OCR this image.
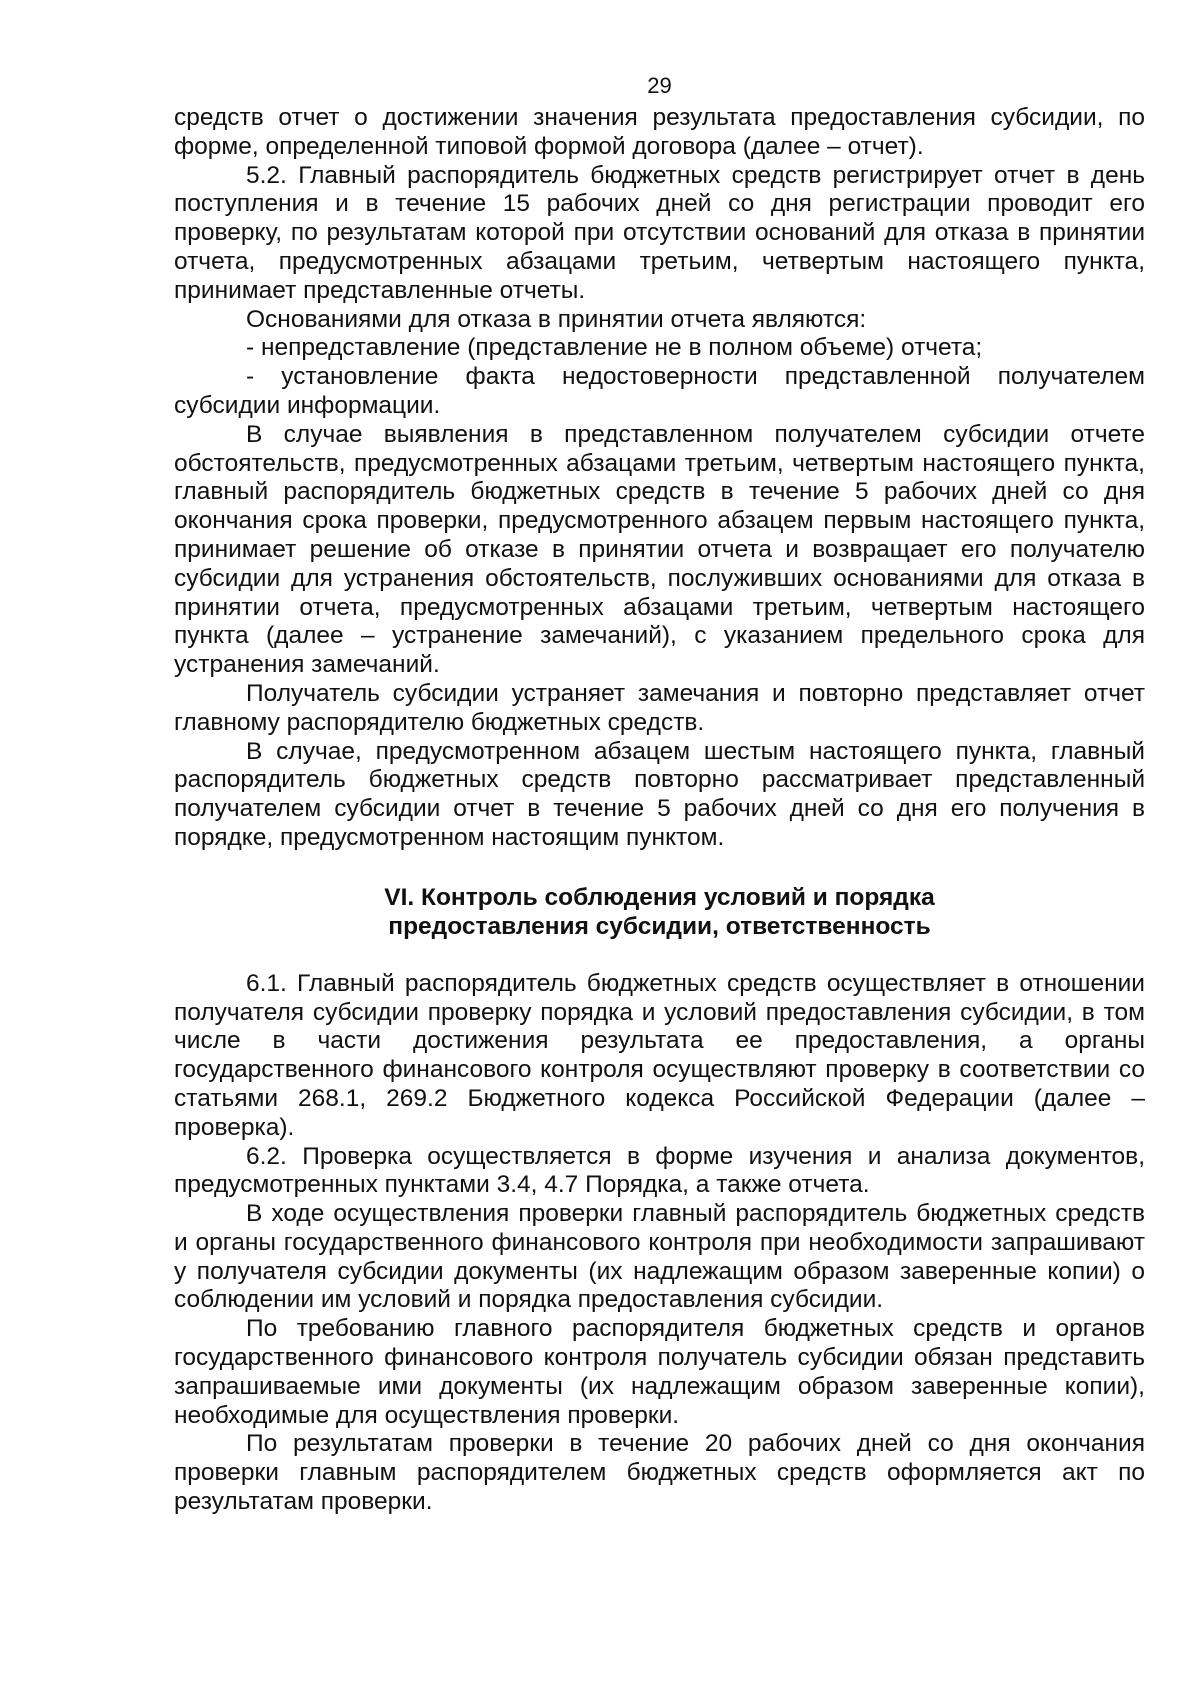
29

средств отчет о достижении значения результата предоставления субсидии, по форме, определенной типовой формой договора (далее – отчет).

5.2. Главный распорядитель бюджетных средств регистрирует отчет в день поступления и в течение 15 рабочих дней со дня регистрации проводит его проверку, по результатам которой при отсутствии оснований для отказа в принятии отчета, предусмотренных абзацами третьим, четвертым настоящего пункта, принимает представленные отчеты.

Основаниями для отказа в принятии отчета являются:

- непредставление (представление не в полном объеме) отчета;

- установление факта недостоверности представленной получателем субсидии информации.

В случае выявления в представленном получателем субсидии отчете обстоятельств, предусмотренных абзацами третьим, четвертым настоящего пункта, главный распорядитель бюджетных средств в течение 5 рабочих дней со дня окончания срока проверки, предусмотренного абзацем первым настоящего пункта, принимает решение об отказе в принятии отчета и возвращает его получателю субсидии для устранения обстоятельств, послуживших основаниями для отказа в принятии отчета, предусмотренных абзацами третьим, четвертым настоящего пункта (далее – устранение замечаний), с указанием предельного срока для устранения замечаний.

Получатель субсидии устраняет замечания и повторно представляет отчет главному распорядителю бюджетных средств.

В случае, предусмотренном абзацем шестым настоящего пункта, главный распорядитель бюджетных средств повторно рассматривает представленный получателем субсидии отчет в течение 5 рабочих дней со дня его получения в порядке, предусмотренном настоящим пунктом.

VI. Контроль соблюдения условий и порядка
предоставления субсидии, ответственность

6.1. Главный распорядитель бюджетных средств осуществляет в отношении получателя субсидии проверку порядка и условий предоставления субсидии, в том числе в части достижения результата ее предоставления, а органы государственного финансового контроля осуществляют проверку в соответствии со статьями 268.1, 269.2 Бюджетного кодекса Российской Федерации (далее – проверка).

6.2. Проверка осуществляется в форме изучения и анализа документов, предусмотренных пунктами 3.4, 4.7 Порядка, а также отчета.

В ходе осуществления проверки главный распорядитель бюджетных средств и органы государственного финансового контроля при необходимости запрашивают у получателя субсидии документы (их надлежащим образом заверенные копии) о соблюдении им условий и порядка предоставления субсидии.

По требованию главного распорядителя бюджетных средств и органов государственного финансового контроля получатель субсидии обязан представить запрашиваемые ими документы (их надлежащим образом заверенные копии), необходимые для осуществления проверки.

По результатам проверки в течение 20 рабочих дней со дня окончания проверки главным распорядителем бюджетных средств оформляется акт по результатам проверки.
